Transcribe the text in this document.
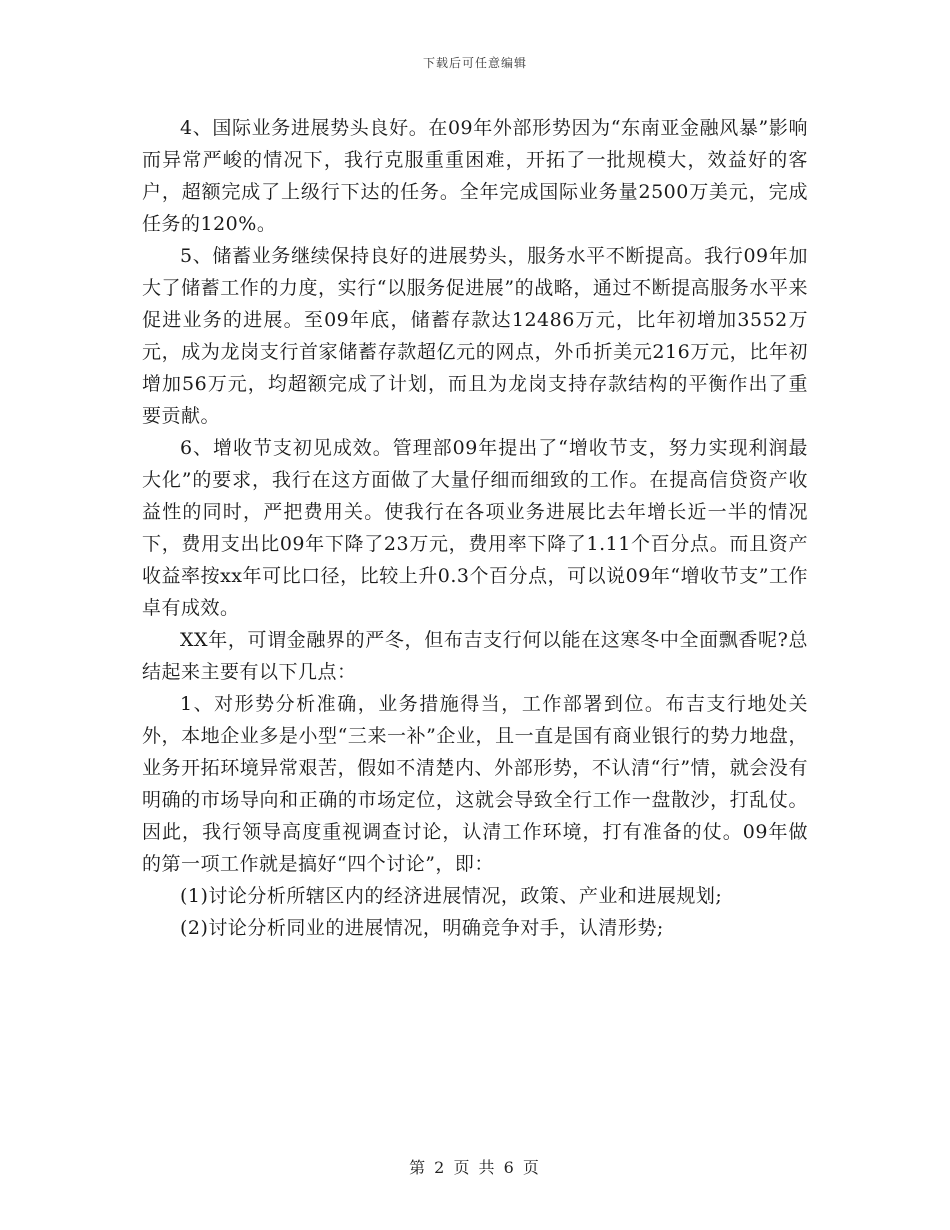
下载后可任意编辑

4、国际业务进展势头良好。在09年外部形势因为“东南亚金融风暴”影响而异常严峻的情况下，我行克服重重困难，开拓了一批规模大，效益好的客户，超额完成了上级行下达的任务。全年完成国际业务量2500万美元，完成任务的120%。

5、储蓄业务继续保持良好的进展势头，服务水平不断提高。我行09年加大了储蓄工作的力度，实行“以服务促进展”的战略，通过不断提高服务水平来促进业务的进展。至09年底，储蓄存款达12486万元，比年初增加3552万元，成为龙岗支行首家储蓄存款超亿元的网点，外币折美元216万元，比年初增加56万元，均超额完成了计划，而且为龙岗支持存款结构的平衡作出了重要贡献。

6、增收节支初见成效。管理部09年提出了“增收节支，努力实现利润最大化”的要求，我行在这方面做了大量仔细而细致的工作。在提高信贷资产收益性的同时，严把费用关。使我行在各项业务进展比去年增长近一半的情况下，费用支出比09年下降了23万元，费用率下降了1.11个百分点。而且资产收益率按xx年可比口径，比较上升0.3个百分点，可以说09年“增收节支”工作卓有成效。

XX年，可谓金融界的严冬，但布吉支行何以能在这寒冬中全面飘香呢?总结起来主要有以下几点：

1、对形势分析准确，业务措施得当，工作部署到位。布吉支行地处关外，本地企业多是小型“三来一补”企业，且一直是国有商业银行的势力地盘，业务开拓环境异常艰苦，假如不清楚内、外部形势，不认清“行”情，就会没有明确的市场导向和正确的市场定位，这就会导致全行工作一盘散沙，打乱仗。因此，我行领导高度重视调查讨论，认清工作环境，打有准备的仗。09年做的第一项工作就是搞好“四个讨论”，即：

(1)讨论分析所辖区内的经济进展情况，政策、产业和进展规划;

(2)讨论分析同业的进展情况，明确竞争对手，认清形势;

第 2 页 共 6 页
